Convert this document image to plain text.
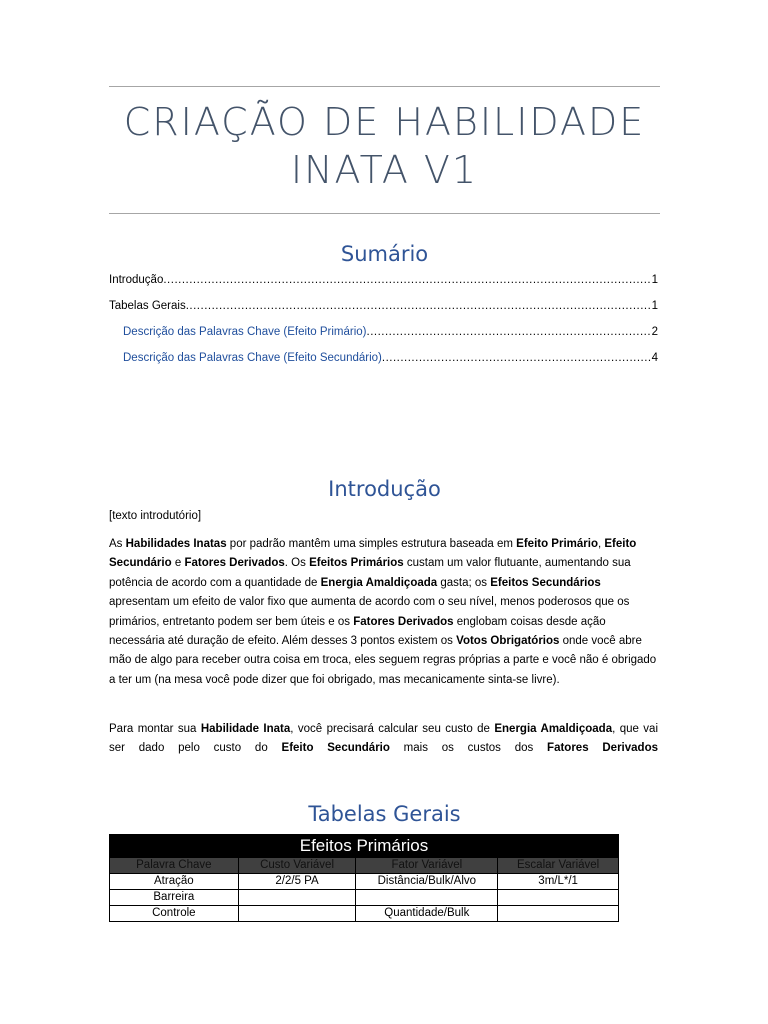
CRIAÇÃO DE HABILIDADE
INATA V1
Sumário
Introdução .....	1
Tabelas Gerais .....	1
Descrição das Palavras Chave (Efeito Primário) .....	2
Descrição das Palavras Chave (Efeito Secundário) .....	4
Introdução
[texto introdutório]
As Habilidades Inatas por padrão mantêm uma simples estrutura baseada em Efeito Primário, Efeito Secundário e Fatores Derivados. Os Efeitos Primários custam um valor flutuante, aumentando sua potência de acordo com a quantidade de Energia Amaldiçoada gasta; os Efeitos Secundários apresentam um efeito de valor fixo que aumenta de acordo com o seu nível, menos poderosos que os primários, entretanto podem ser bem úteis e os Fatores Derivados englobam coisas desde ação necessária até duração de efeito. Além desses 3 pontos existem os Votos Obrigatórios onde você abre mão de algo para receber outra coisa em troca, eles seguem regras próprias a parte e você não é obrigado a ter um (na mesa você pode dizer que foi obrigado, mas mecanicamente sinta-se livre).
Para montar sua Habilidade Inata, você precisará calcular seu custo de Energia Amaldiçoada, que vai ser dado pelo custo do Efeito Secundário mais os custos dos Fatores Derivados
Tabelas Gerais
Efeitos Primários			
Palavra Chave	Custo Variável	Fator Variável	Escalar Variável
Atração	2/2/5 PA	Distância/Bulk/Alvo	3m/L*/1
Barreira			
Controle		Quantidade/Bulk	
